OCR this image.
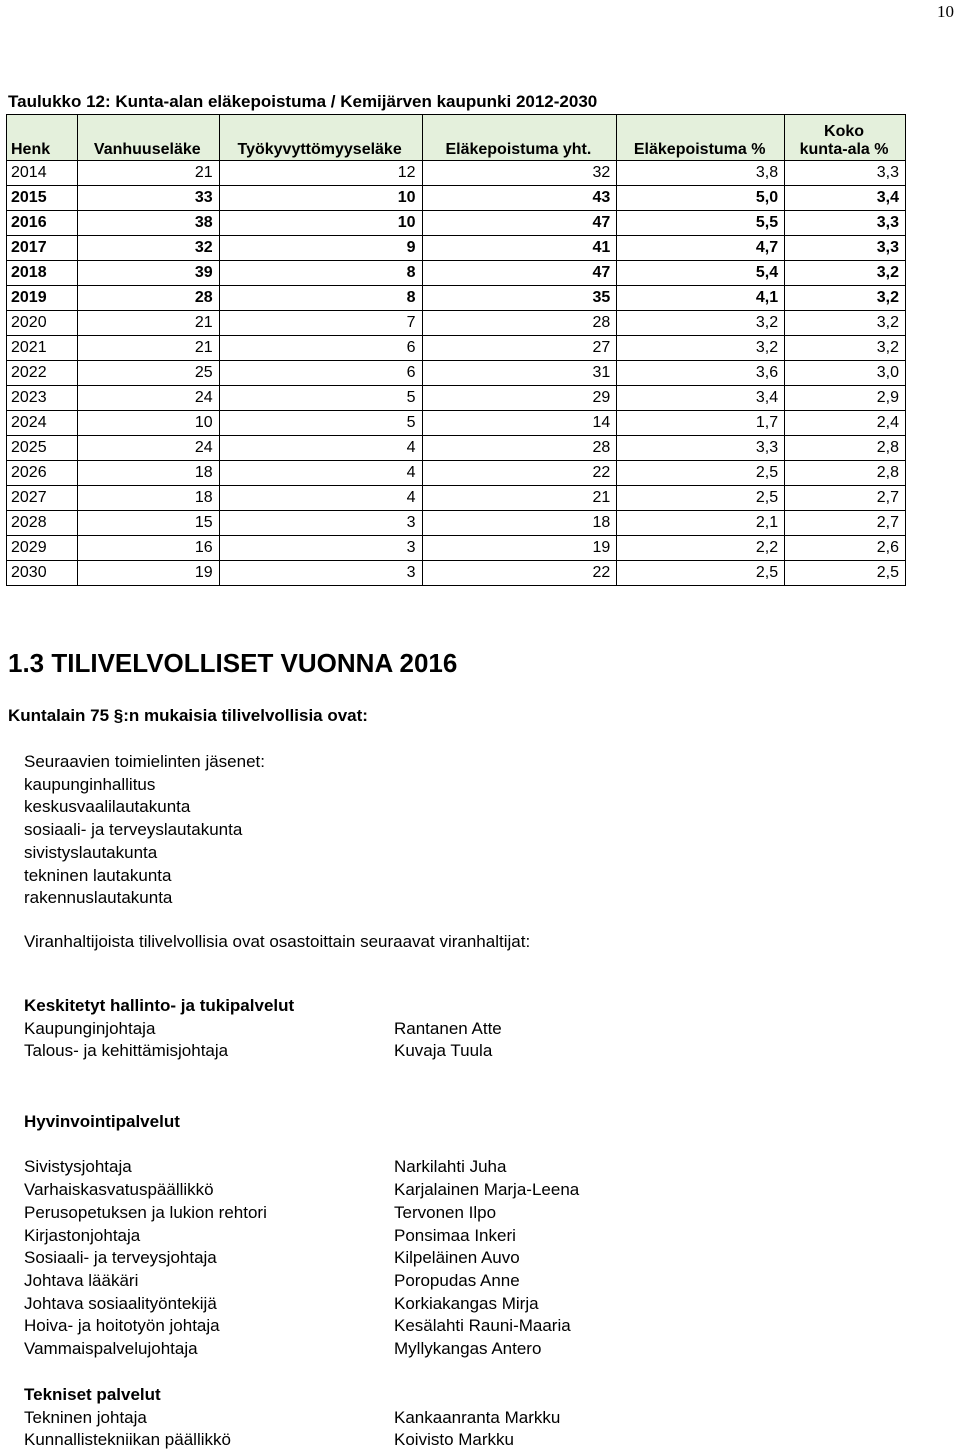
10
Taulukko 12: Kunta-alan eläkepoistuma / Kemijärven kaupunki 2012-2030
Henk	Vanhuuseläke	Työkyvyttömyyseläke	Eläkepoistuma yht.	Eläkepoistuma %	Koko
kunta-ala %
2014	21	12	32	3,8	3,3
2015	33	10	43	5,0	3,4
2016	38	10	47	5,5	3,3
2017	32	9	41	4,7	3,3
2018	39	8	47	5,4	3,2
2019	28	8	35	4,1	3,2
2020	21	7	28	3,2	3,2
2021	21	6	27	3,2	3,2
2022	25	6	31	3,6	3,0
2023	24	5	29	3,4	2,9
2024	10	5	14	1,7	2,4
2025	24	4	28	3,3	2,8
2026	18	4	22	2,5	2,8
2027	18	4	21	2,5	2,7
2028	15	3	18	2,1	2,7
2029	16	3	19	2,2	2,6
2030	19	3	22	2,5	2,5
1.3 TILIVELVOLLISET VUONNA 2016
Kuntalain 75 §:n mukaisia tilivelvollisia ovat:
Seuraavien toimielinten jäsenet:
kaupunginhallitus
keskusvaalilautakunta
sosiaali- ja terveyslautakunta
sivistyslautakunta
tekninen lautakunta
rakennuslautakunta
Viranhaltijoista tilivelvollisia ovat osastoittain seuraavat viranhaltijat:
Keskitetyt hallinto- ja tukipalvelut
Kaupunginjohtaja	Rantanen Atte
Talous- ja kehittämisjohtaja	Kuvaja Tuula
Hyvinvointipalvelut
Sivistysjohtaja	Narkilahti Juha
Varhaiskasvatuspäällikkö	Karjalainen Marja-Leena
Perusopetuksen ja lukion rehtori	Tervonen Ilpo
Kirjastonjohtaja	Ponsimaa Inkeri
Sosiaali- ja terveysjohtaja	Kilpeläinen Auvo
Johtava lääkäri	Poropudas Anne
Johtava sosiaalityöntekijä	Korkiakangas Mirja
Hoiva- ja hoitotyön johtaja	Kesälahti Rauni-Maaria
Vammaispalvelujohtaja	Myllykangas Antero
Tekniset palvelut
Tekninen johtaja	Kankaanranta Markku
Kunnallistekniikan päällikkö	Koivisto Markku
